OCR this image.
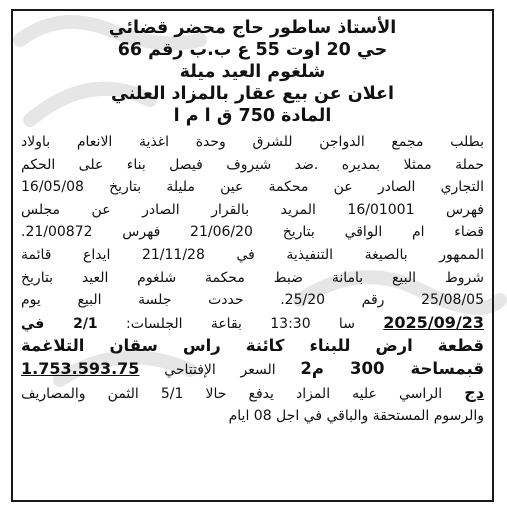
الأستاذ ساطور حاج محضر قضائي
حي 20 اوت 55 ع ب.ب رقم 66
شلغوم العيد ميلة
اعلان عن بيع عقار بالمزاد العلني
المادة 750 ق ا م ا
بطلب مجمع الدواجن للشرق وحدة اغذية الانعام باولاد
حملة ممثلا بمديره .ضد شيروف فيصل بناء على الحكم
التجاري الصادر عن محكمة عين مليلة بتاريخ 16/05/08
فهرس 16/01001 المريد بالقرار الصادر عن مجلس
قضاء ام الواقي بتاريخ 21/06/20 فهرس 21/00872.
الممهور بالصيغة التنفيذية في 21/11/28 ايداع قائمة
شروط البيع بامانة ضبط محكمة شلغوم العيد بتاريخ
25/08/05 رقم 25/20. حددت جلسة البيع يوم
2025/09/23 سا 13:30 بقاعة الجلسات: 2/1 في
قطعة ارض للبناء كائنة راس سقان التلاغمة
قبمساحة 300 م2 السعر الإفتتاحي 1.753.593.75
دج الراسي عليه المزاد يدفع حالا 5/1 الثمن والمصاريف
والرسوم المستحقة والباقي في اجل 08 ايام
